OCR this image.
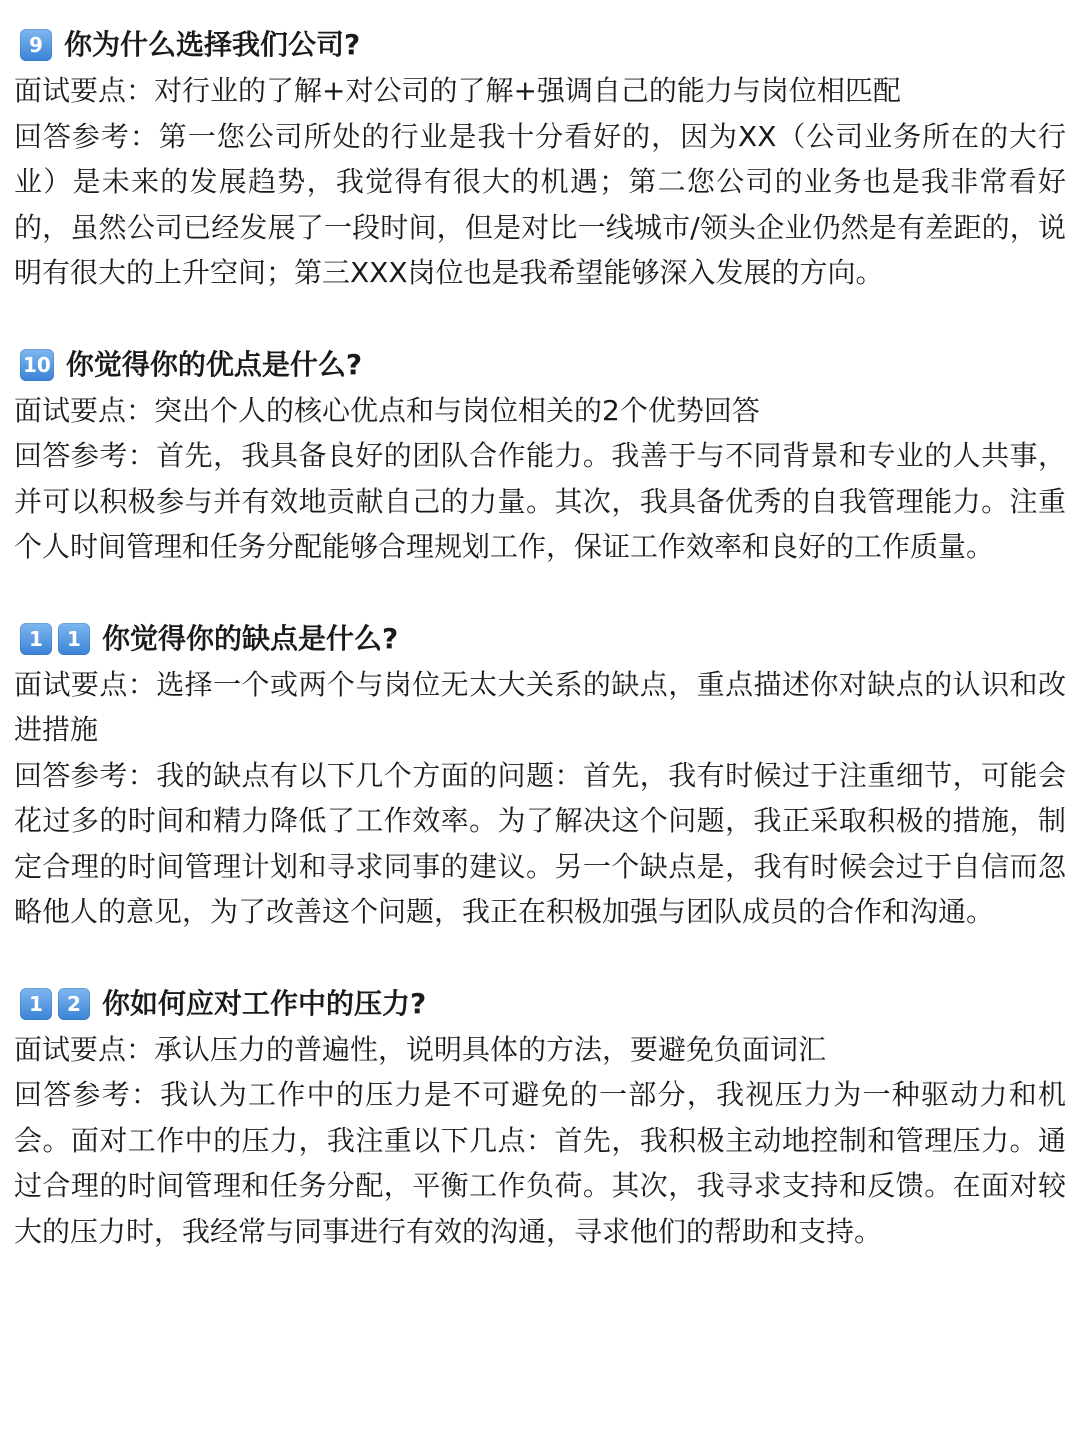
9 你为什么选择我们公司?

面试要点：对行业的了解+对公司的了解+强调自己的能力与岗位相匹配

回答参考：第一您公司所处的行业是我十分看好的，因为XX（公司业务所在的大行业）是未来的发展趋势，我觉得有很大的机遇；第二您公司的业务也是我非常看好的，虽然公司已经发展了一段时间，但是对比一线城市/领头企业仍然是有差距的，说明有很大的上升空间；第三XXX岗位也是我希望能够深入发展的方向。

10 你觉得你的优点是什么?

面试要点：突出个人的核心优点和与岗位相关的2个优势回答

回答参考：首先，我具备良好的团队合作能力。我善于与不同背景和专业的人共事，并可以积极参与并有效地贡献自己的力量。其次，我具备优秀的自我管理能力。注重个人时间管理和任务分配能够合理规划工作，保证工作效率和良好的工作质量。

1	1 你觉得你的缺点是什么?

面试要点：选择一个或两个与岗位无太大关系的缺点，重点描述你对缺点的认识和改进措施

回答参考：我的缺点有以下几个方面的问题：首先，我有时候过于注重细节，可能会花过多的时间和精力降低了工作效率。为了解决这个问题，我正采取积极的措施，制定合理的时间管理计划和寻求同事的建议。另一个缺点是，我有时候会过于自信而忽略他人的意见，为了改善这个问题，我正在积极加强与团队成员的合作和沟通。

1	2 你如何应对工作中的压力?

面试要点：承认压力的普遍性，说明具体的方法，要避免负面词汇

回答参考：我认为工作中的压力是不可避免的一部分，我视压力为一种驱动力和机会。面对工作中的压力，我注重以下几点：首先，我积极主动地控制和管理压力。通过合理的时间管理和任务分配，平衡工作负荷。其次，我寻求支持和反馈。在面对较大的压力时，我经常与同事进行有效的沟通，寻求他们的帮助和支持。
